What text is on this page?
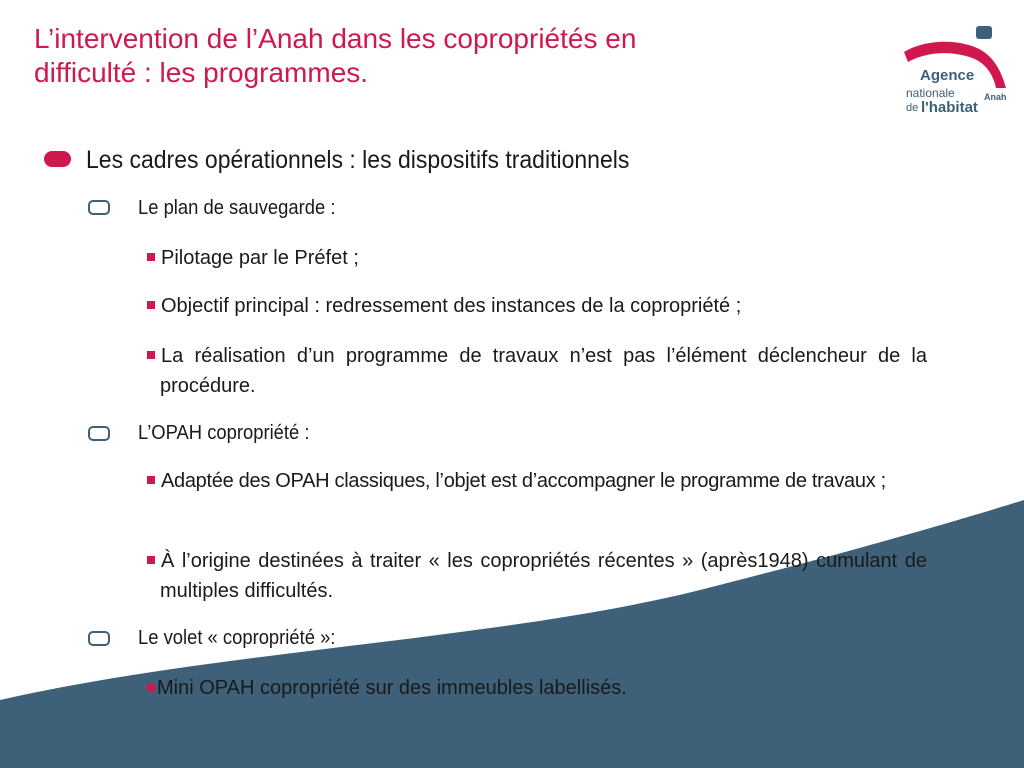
L’intervention de l’Anah dans les copropriétés en
difficulté : les programmes.	Agence
nationale	Anah
de l'habitat
Les cadres opérationnels : les dispositifs traditionnels
Le plan de sauvegarde :
Pilotage par le Préfet ;
Objectif principal : redressement des instances de la copropriété ;
La réalisation d’un programme de travaux n’est pas l’élément déclencheur de la procédure.
L’OPAH copropriété :
Adaptée des OPAH classiques, l’objet est d’accompagner le programme de travaux ;
À l’origine destinées à traiter « les copropriétés récentes » (après1948) cumulant de multiples difficultés.
Le volet « copropriété »:
Mini OPAH copropriété sur des immeubles labellisés.
